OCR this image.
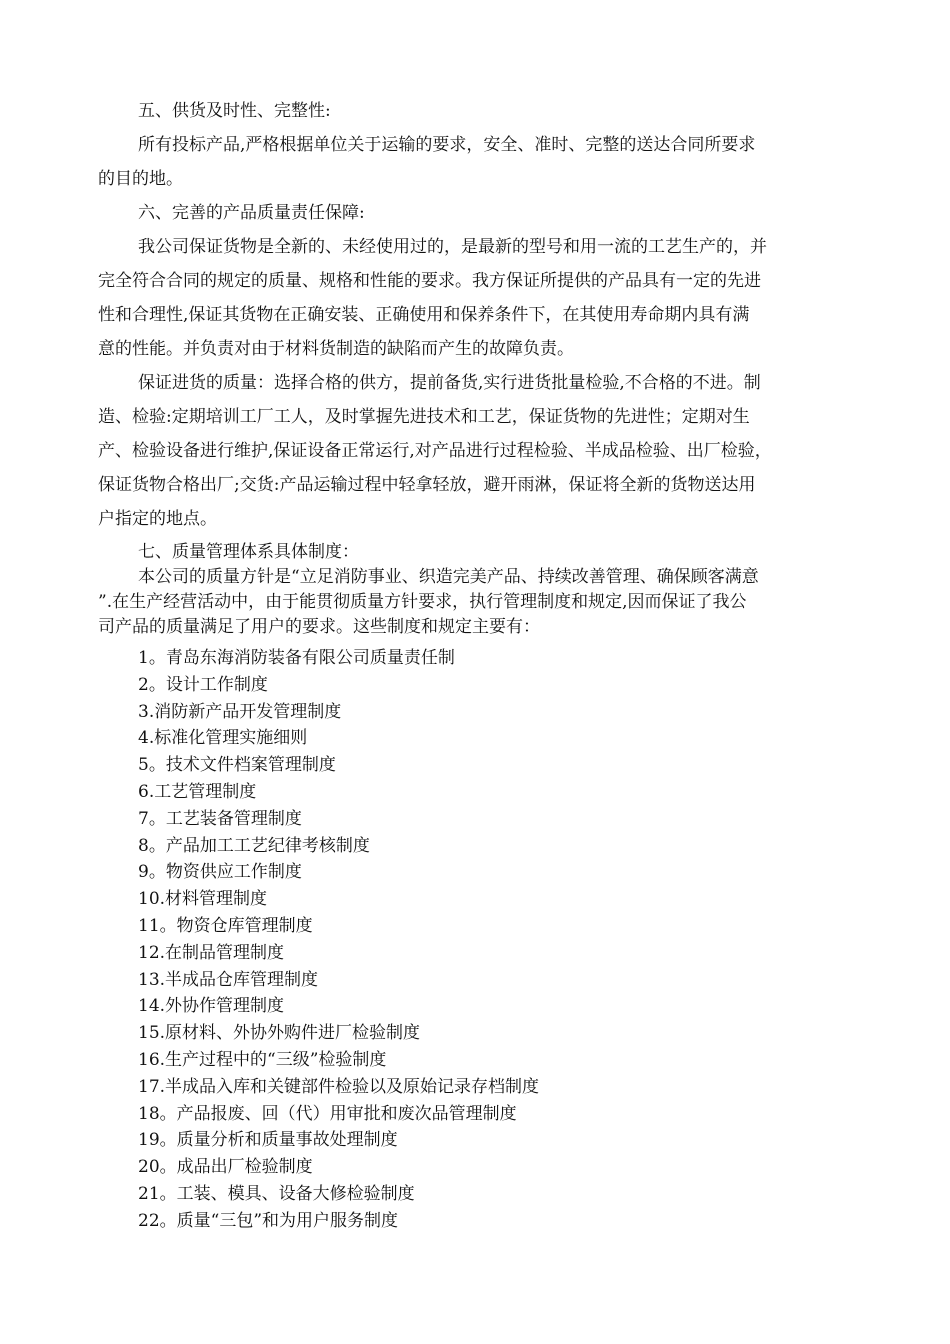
五、供货及时性、完整性:
所有投标产品,严格根据单位关于运输的要求，安全、准时、完整的送达合同所要求
的目的地。
六、完善的产品质量责任保障:
我公司保证货物是全新的、未经使用过的，是最新的型号和用一流的工艺生产的，并
完全符合合同的规定的质量、规格和性能的要求。我方保证所提供的产品具有一定的先进
性和合理性,保证其货物在正确安装、正确使用和保养条件下，在其使用寿命期内具有满
意的性能。并负责对由于材料货制造的缺陷而产生的故障负责。
保证进货的质量：选择合格的供方，提前备货,实行进货批量检验,不合格的不进。制
造、检验:定期培训工厂工人，及时掌握先进技术和工艺，保证货物的先进性；定期对生
产、检验设备进行维护,保证设备正常运行,对产品进行过程检验、半成品检验、出厂检验，
保证货物合格出厂;交货:产品运输过程中轻拿轻放，避开雨淋，保证将全新的货物送达用
户指定的地点。
七、质量管理体系具体制度：
本公司的质量方针是“立足消防事业、织造完美产品、持续改善管理、确保顾客满意
”.在生产经营活动中，由于能贯彻质量方针要求，执行管理制度和规定,因而保证了我公
司产品的质量满足了用户的要求。这些制度和规定主要有：
1。青岛东海消防装备有限公司质量责任制
2。设计工作制度
3.消防新产品开发管理制度
4.标准化管理实施细则
5。技术文件档案管理制度
6.工艺管理制度
7。工艺装备管理制度
8。产品加工工艺纪律考核制度
9。物资供应工作制度
10.材料管理制度
11。物资仓库管理制度
12.在制品管理制度
13.半成品仓库管理制度
14.外协作管理制度
15.原材料、外协外购件进厂检验制度
16.生产过程中的“三级”检验制度
17.半成品入库和关键部件检验以及原始记录存档制度
18。产品报废、回（代）用审批和废次品管理制度
19。质量分析和质量事故处理制度
20。成品出厂检验制度
21。工装、模具、设备大修检验制度
22。质量“三包”和为用户服务制度
